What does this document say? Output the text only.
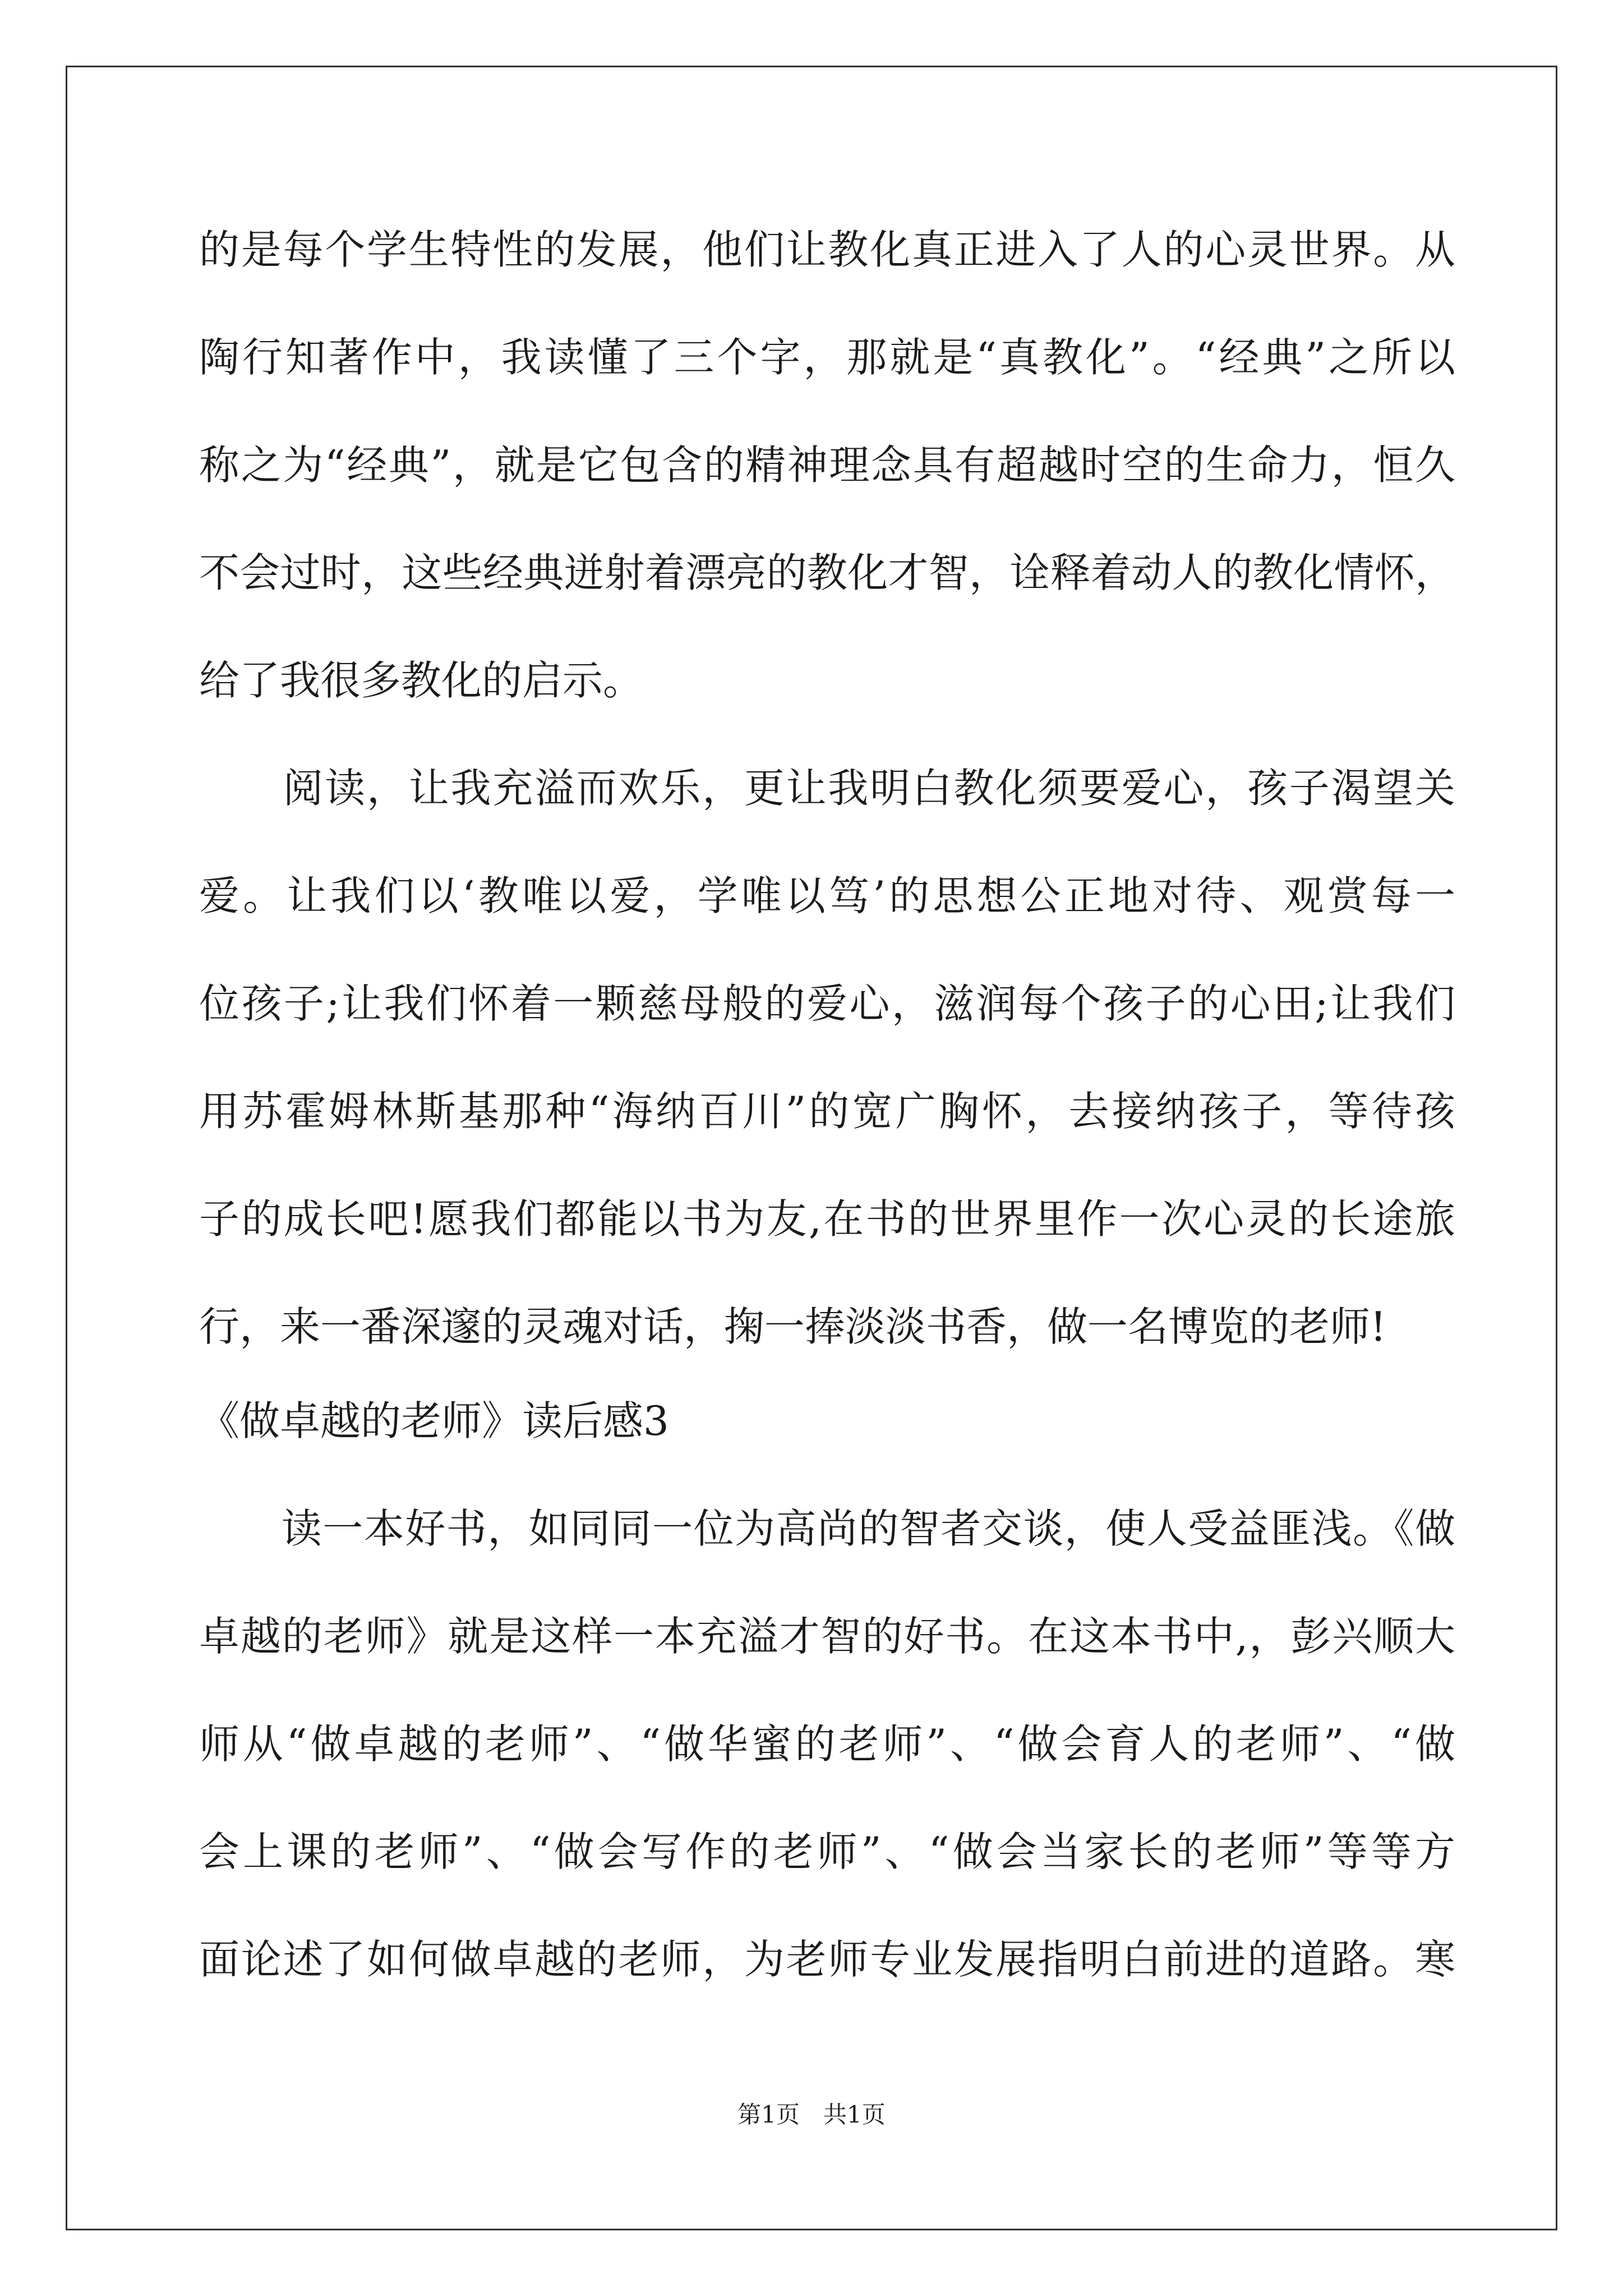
的是每个学生特性的发展，他们让教化真正进入了人的心灵世界。从
陶行知著作中，我读懂了三个字，那就是“真教化”。“经典”之所以
称之为“经典”，就是它包含的精神理念具有超越时空的生命力，恒久
不会过时，这些经典迸射着漂亮的教化才智，诠释着动人的教化情怀，
给了我很多教化的启示。
　　阅读，让我充溢而欢乐，更让我明白教化须要爱心，孩子渴望关
爱。让我们以‘教唯以爱，学唯以笃’的思想公正地对待、观赏每一
位孩子;让我们怀着一颗慈母般的爱心，滋润每个孩子的心田;让我们
用苏霍姆林斯基那种“海纳百川”的宽广胸怀，去接纳孩子，等待孩
子的成长吧!愿我们都能以书为友,在书的世界里作一次心灵的长途旅
行，来一番深邃的灵魂对话，掬一捧淡淡书香，做一名博览的老师!
《做卓越的老师》读后感3
　　读一本好书，如同同一位为高尚的智者交谈，使人受益匪浅。《做
卓越的老师》就是这样一本充溢才智的好书。在这本书中,，彭兴顺大
师从“做卓越的老师”、“做华蜜的老师”、“做会育人的老师”、“做
会上课的老师”、“做会写作的老师”、“做会当家长的老师”等等方
面论述了如何做卓越的老师，为老师专业发展指明白前进的道路。寒
第1页　共1页
